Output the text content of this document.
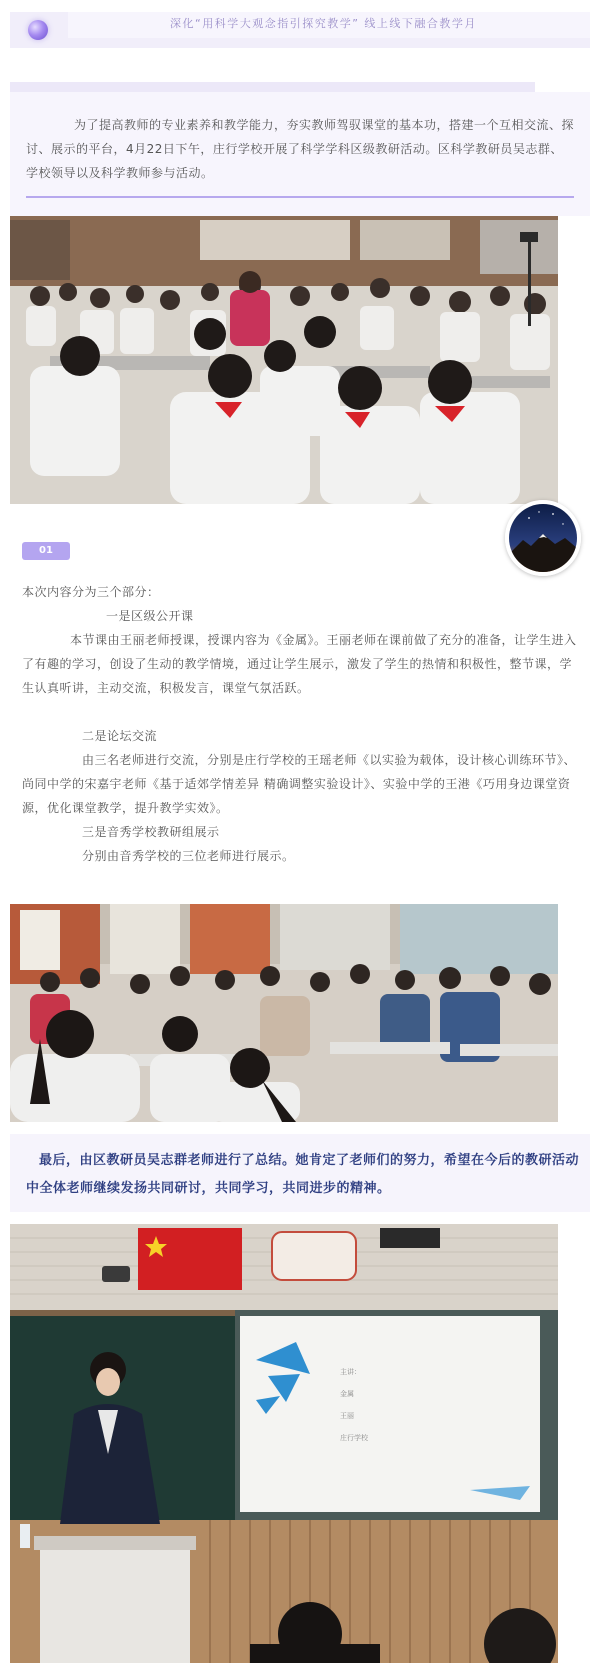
深化“用科学大观念指引探究教学” 线上线下融合教学月
为了提高教师的专业素养和教学能力，夯实教师驾驭课堂的基本功，搭建一个互相交流、探讨、展示的平台，4月22日下午，庄行学校开展了科学学科区级教研活动。区科学教研员吴志群、学校领导以及科学教师参与活动。
01
本次内容分为三个部分：
一是区级公开课
本节课由王丽老师授课，授课内容为《金属》。王丽老师在课前做了充分的准备，让学生进入了有趣的学习，创设了生动的教学情境，通过让学生展示，激发了学生的热情和积极性，整节课，学生认真听讲，主动交流，积极发言，课堂气氛活跃。
二是论坛交流
由三名老师进行交流，分别是庄行学校的王瑶老师《以实验为载体，设计核心训练环节》、尚同中学的宋嘉宇老师《基于适郊学情差异 精确调整实验设计》、实验中学的王港《巧用身边课堂资源，优化课堂教学，提升教学实效》。
三是音秀学校教研组展示
分别由音秀学校的三位老师进行展示。
最后，由区教研员吴志群老师进行了总结。她肯定了老师们的努力，希望在今后的教研活动中全体老师继续发扬共同研讨，共同学习，共同进步的精神。
主讲：
金属
王丽
庄行学校
